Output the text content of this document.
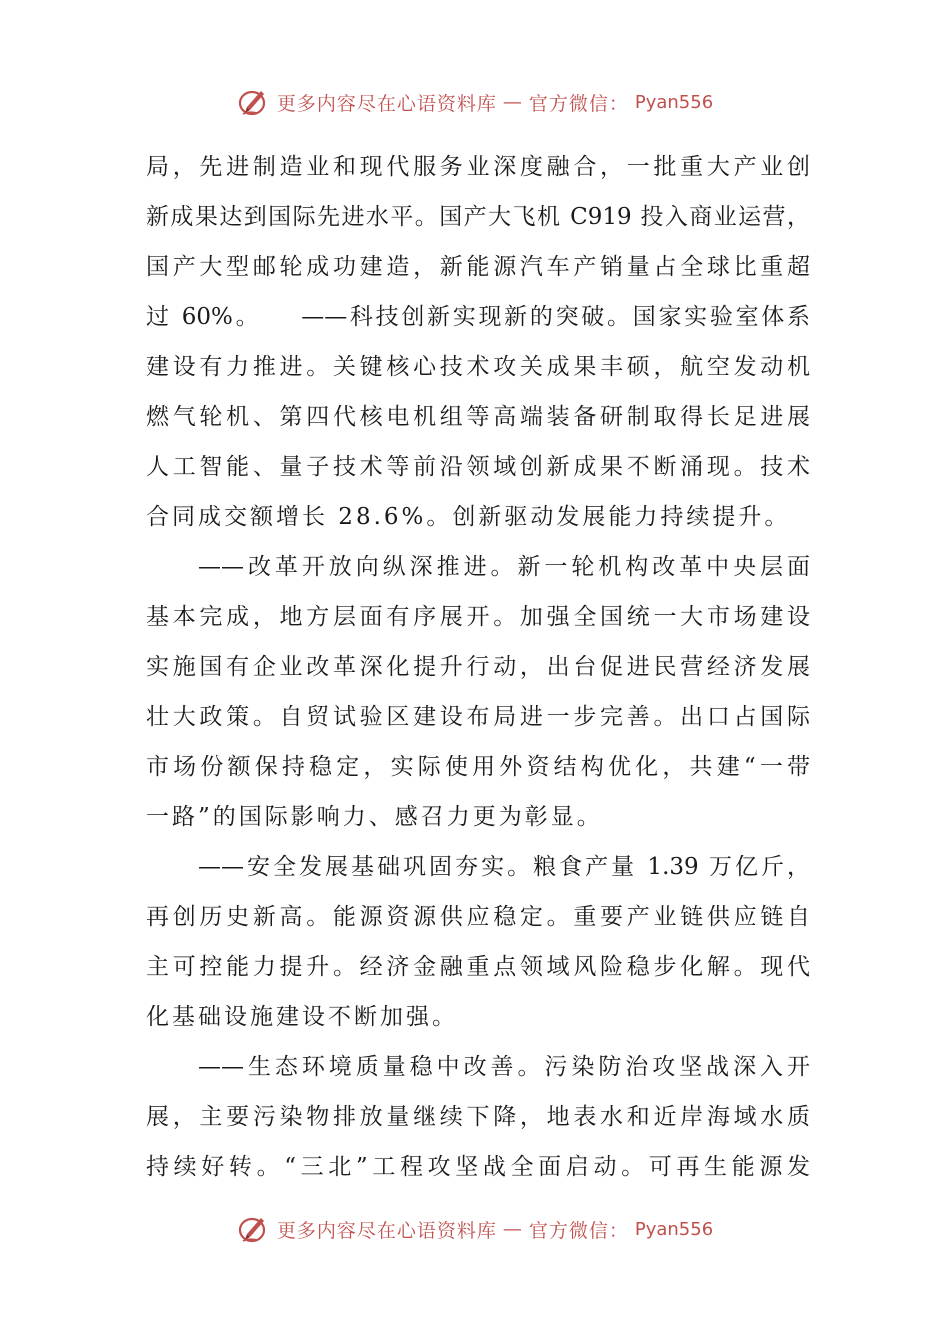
更多内容尽在心语资料库 — 官方微信： Pyan556
局，先进制造业和现代服务业深度融合，一批重大产业创
新成果达到国际先进水平。国产大飞机 C919 投入商业运营，
国产大型邮轮成功建造，新能源汽车产销量占全球比重超
过 60%。　　——科技创新实现新的突破。国家实验室体系
建设有力推进。关键核心技术攻关成果丰硕，航空发动机
燃气轮机、第四代核电机组等高端装备研制取得长足进展
人工智能、量子技术等前沿领域创新成果不断涌现。技术
合同成交额增长 28.6%。创新驱动发展能力持续提升。
——改革开放向纵深推进。新一轮机构改革中央层面
基本完成，地方层面有序展开。加强全国统一大市场建设
实施国有企业改革深化提升行动，出台促进民营经济发展
壮大政策。自贸试验区建设布局进一步完善。出口占国际
市场份额保持稳定，实际使用外资结构优化，共建“一带
一路”的国际影响力、感召力更为彰显。
——安全发展基础巩固夯实。粮食产量 1.39 万亿斤，
再创历史新高。能源资源供应稳定。重要产业链供应链自
主可控能力提升。经济金融重点领域风险稳步化解。现代
化基础设施建设不断加强。
——生态环境质量稳中改善。污染防治攻坚战深入开
展，主要污染物排放量继续下降，地表水和近岸海域水质
持续好转。“三北”工程攻坚战全面启动。可再生能源发
更多内容尽在心语资料库 — 官方微信： Pyan556
